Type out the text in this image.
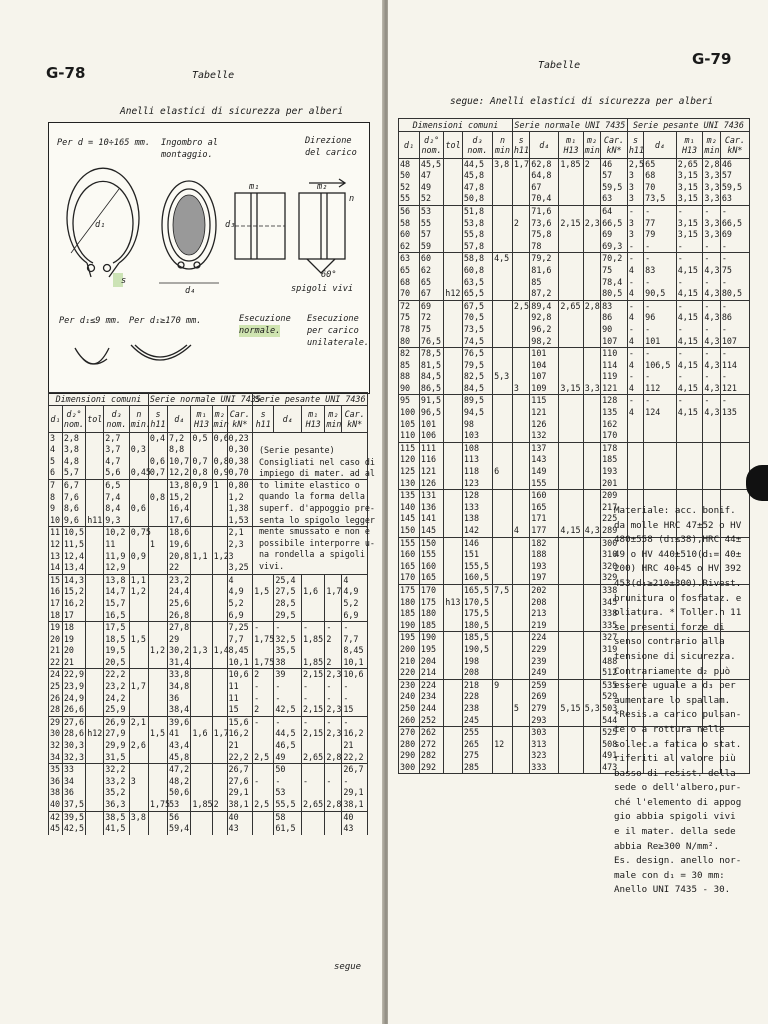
G-78	Tabelle
Anelli elastici di sicurezza per alberi
Per d = 10÷165 mm. Ingombro al
montaggio.
Direzione
del carico
s
d₁
d₄
m₁	m₂
n
d₃
60°
spigoli vivi
Per d₁≤9 mm. Per d₁≥170 mm.	Esecuzione
normale.
Esecuzione
per carico
unilaterale.
Dimensioni comuni					Serie normale UNI 7435					Serie pesante UNI 7436				
d₁	d₂° nom.	tol	d₃ nom.	n min.	s h11	d₄	m₁ H13	m₂ min	Car. kN*	s h11	d₄	m₁ H13	m₂ min	Car. kN*
3	2,8		2,7		0,4	7,2	0,5	0,6	0,23					
4	3,8		3,7	0,3		8,8			0,30					
5	4,8		4,7		0,6	10,7	0,7	0,8	0,38					
6	5,7		5,6	0,45	0,7	12,2	0,8	0,9	0,70					
7	6,7		6,5			13,8	0,9	1	0,80					
8	7,6		7,4		0,8	15,2			1,2					
9	8,6		8,4	0,6		16,4			1,38					
10	9,6	h11	9,3			17,6			1,53					
11	10,5		10,2	0,75		18,6			2,1					
12	11,5		11		1	19,6			2,3					
13	12,4		11,9	0,9		20,8	1,1	1,2	3					
14	13,4		12,9			22			3,25					
15	14,3		13,8	1,1		23,2			4		25,4			4
16	15,2		14,7	1,2		24,4			4,9	1,5	27,5	1,6	1,7	4,9
17	16,2		15,7			25,6			5,2		28,5			5,2
18	17		16,5			26,8			6,9		29,5			6,9
19	18		17,5			27,8			7,25	-	-	-	-	-
20	19		18,5	1,5		29			7,7	1,75	32,5	1,85	2	7,7
21	20		19,5		1,2	30,2	1,3	1,4	8,45		35,5			8,45
22	21		20,5			31,4			10,1	1,75	38	1,85	2	10,1
24	22,9		22,2			33,8			10,6	2	39	2,15	2,3	10,6
25	23,9		23,2	1,7		34,8			11	-	-	-	-	-
26	24,9		24,2			36			11	-	-	-	-	-
28	26,6		25,9			38,4			15	2	42,5	2,15	2,3	15
29	27,6		26,9	2,1		39,6			15,6	-	-	-	-	-
30	28,6	h12	27,9		1,5	41	1,6	1,7	16,2		44,5	2,15	2,3	16,2
32	30,3		29,9	2,6		43,4			21		46,5			21
34	32,3		31,5			45,8			22,2	2,5	49	2,65	2,8	22,2
35	33		32,2			47,2			26,7		50			26,7
36	34		33,2	3		48,2			27,6	-	-	-	-	-
38	36		35,2			50,6			29,1		53			29,1
40	37,5		36,3		1,75	53	1,85	2	38,1	2,5	55,5	2,65	2,8	38,1
42	39,5		38,5	3,8		56			40		58			40
45	42,5		41,5			59,4			43		61,5			43
segue
(Serie pesante)
Consigliati nel caso di
impiego di mater. ad al
to limite elastico o
quando la forma della
superf. d'appoggio pre-
senta lo spigolo legger
mente smussato e non è
possibile interporre u-
na rondella a spigoli
vivi.
G-79
Tabelle
segue: Anelli elastici di sicurezza per alberi
Dimensioni comuni					Serie normale UNI 7435					Serie pesante UNI 7436				
d₁	d₂° nom.	tol	d₃ nom.	n min	s h11	d₄	m₁ H13	m₂ min	Car. kN*	s h11	d₄	m₁ H13	m₂ min	Car. kN*
48	45,5		44,5	3,8	1,7	62,8	1,85	2	46	2,5	65	2,65	2,8	46
50	47		45,8			64,8			57	3	68	3,15	3,3	57
52	49		47,8			67			59,5	3	70	3,15	3,3	59,5
55	52		50,8			70,4			63	3	73,5	3,15	3,3	63
56	53		51,8			71,6			64	-	-	-	-	-
58	55		53,8		2	73,6	2,15	2,3	66,5	3	77	3,15	3,3	66,5
60	57		55,8			75,8			69	3	79	3,15	3,3	69
62	59		57,8			78			69,3	-	-	-	-	-
63	60		58,8	4,5		79,2			70,2	-	-	-	-	-
65	62		60,8			81,6			75	4	83	4,15	4,3	75
68	65		63,5			85			78,4	-	-	-	-	-
70	67	h12	65,5			87,2			80,5	4	90,5	4,15	4,3	80,5
72	69		67,5		2,5	89,4	2,65	2,8	83	-	-	-	-	-
75	72		70,5			92,8			86	4	96	4,15	4,3	86
78	75		73,5			96,2			90	-	-	-	-	-
80	76,5		74,5			98,2			107	4	101	4,15	4,3	107
82	78,5		76,5			101			110	-	-	-	-	-
85	81,5		79,5			104			114	4	106,5	4,15	4,3	114
88	84,5		82,5	5,3		107			119	-	-	-	-	-
90	86,5		84,5		3	109	3,15	3,3	121	4	112	4,15	4,3	121
95	91,5		89,5			115			128	-	-	-	-	-
100	96,5		94,5			121			135	4	124	4,15	4,3	135
105	101		98			126			162					
110	106		103			132			170					
115	111		108			137			178					
120	116		113			143			185					
125	121		118	6		149			193					
130	126		123			155			201					
135	131		128			160			209					
140	136		133			165			217					
145	141		138			171			225					
150	145		142		4	177	4,15	4,3	289					
155	150		146			182			300					
160	155		151			188			310					
165	160		155,5			193			320					
170	165		160,5			197			329					
175	170		165,5	7,5		202			338					
180	175	h13	170,5			208			345					
185	180		175,5			213			338					
190	185		180,5			219			335					
195	190		185,5			224			327					
200	195		190,5			229			319					
210	204		198			239			488					
220	214		208			249			512					
230	224		218	9		259			535					
240	234		228			269			529					
250	244		238		5	279	5,15	5,3	503					
260	252		245			293			544					
270	262		255			303			525					
280	272		265	12		313			508					
290	282		275			323			491					
300	292		285			333			473					
Materiale: acc. bonif.
da molle HRC 47±52 o HV
480±558 (d₁≤38),HRC 44±
49 o HV 440±510(d₁= 40±
200) HRC 40÷45 o HV 392
453(d₁≥210±300).Rivest.
brunitura o fosfataz. e
oliatura. * Toller.h 11
se presenti forze di
senso contrario alla
tensione di sicurezza.
Contrariamente d₂ può
essere uguale a d₃ per
aumentare lo spallam.
*Resis.a carico pulsan-
te o a rottura nelle
sollec.a fatica o stat.
riferiti al valore più
basso di resist. della
sede o dell'albero,pur-
ché l'elemento di appog
gio abbia spigoli vivi
e il mater. della sede
abbia Re≥300 N/mm².
Es. design. anello nor-
male con d₁ = 30 mm:
Anello UNI 7435 - 30.
